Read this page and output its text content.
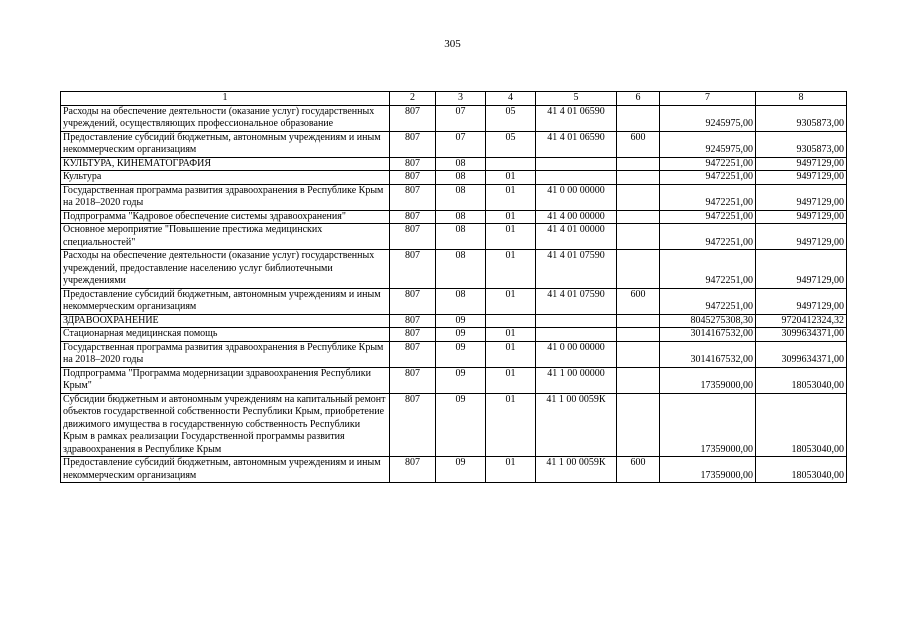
305
1	2	3	4	5	6	7	8
Расходы на обеспечение деятельности (оказание услуг) государственных учреждений, осуществляющих профессиональное образование	807	07	05	41 4 01 06590		9245975,00	9305873,00
Предоставление субсидий бюджетным, автономным учреждениям и иным некоммерческим организациям	807	07	05	41 4 01 06590	600	9245975,00	9305873,00
КУЛЬТУРА, КИНЕМАТОГРАФИЯ	807	08				9472251,00	9497129,00
Культура	807	08	01			9472251,00	9497129,00
Государственная программа развития здравоохранения в Республике Крым на 2018–2020 годы	807	08	01	41 0 00 00000		9472251,00	9497129,00
Подпрограмма "Кадровое обеспечение системы здравоохранения"	807	08	01	41 4 00 00000		9472251,00	9497129,00
Основное мероприятие "Повышение престижа медицинских специальностей"	807	08	01	41 4 01 00000		9472251,00	9497129,00
Расходы на обеспечение деятельности (оказание услуг) государственных учреждений, предоставление населению услуг библиотечными учреждениями	807	08	01	41 4 01 07590		9472251,00	9497129,00
Предоставление субсидий бюджетным, автономным учреждениям и иным некоммерческим организациям	807	08	01	41 4 01 07590	600	9472251,00	9497129,00
ЗДРАВООХРАНЕНИЕ	807	09				8045275308,30	9720412324,32
Стационарная медицинская помощь	807	09	01			3014167532,00	3099634371,00
Государственная программа развития здравоохранения в Республике Крым на 2018–2020 годы	807	09	01	41 0 00 00000		3014167532,00	3099634371,00
Подпрограмма "Программа модернизации здравоохранения Республики Крым"	807	09	01	41 1 00 00000		17359000,00	18053040,00
Субсидии бюджетным и автономным учреждениям на капитальный ремонт объектов государственной собственности Республики Крым, приобретение движимого имущества в государственную собственность Республики Крым в рамках реализации Государственной программы развития здравоохранения в Республике Крым	807	09	01	41 1 00 0059К		17359000,00	18053040,00
Предоставление субсидий бюджетным, автономным учреждениям и иным некоммерческим организациям	807	09	01	41 1 00 0059К	600	17359000,00	18053040,00
